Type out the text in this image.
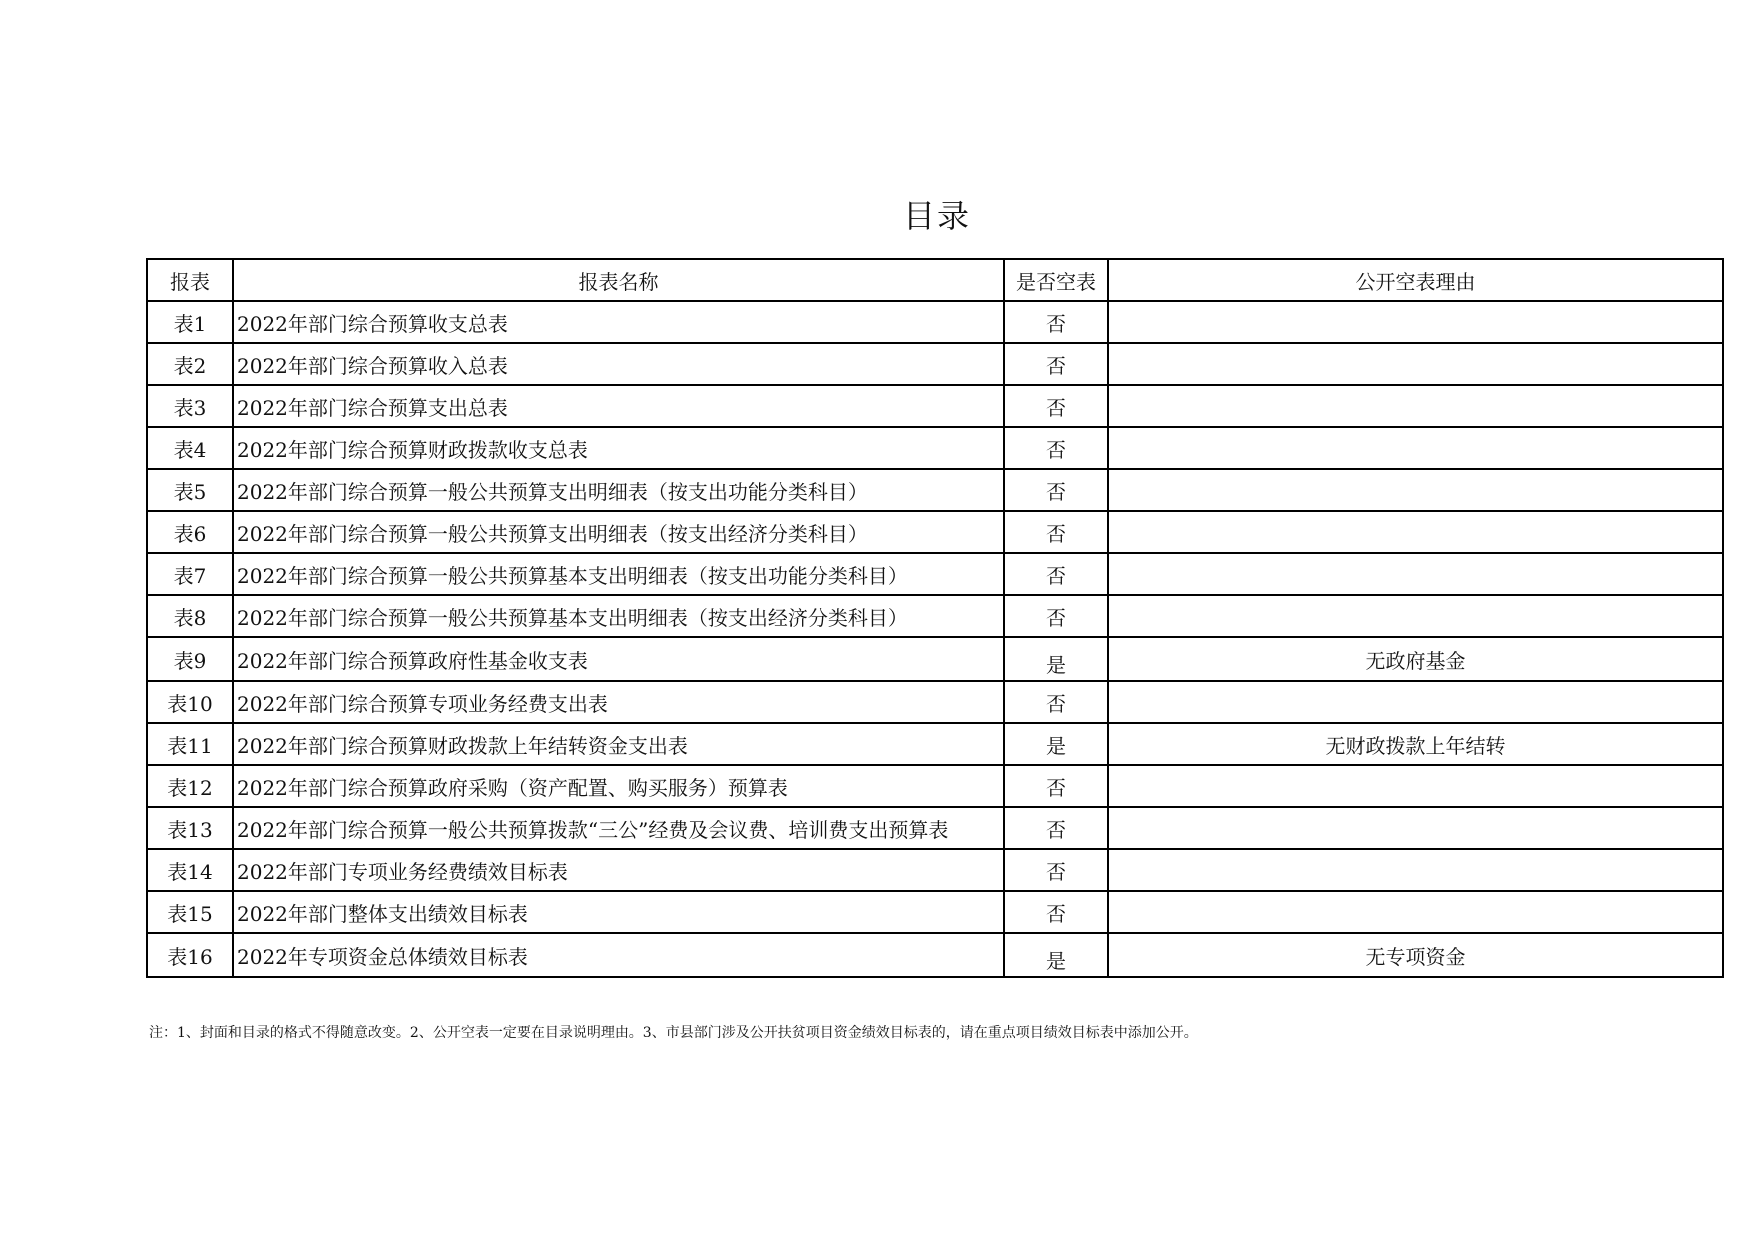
目录
报表	报表名称	是否空表	公开空表理由
表1	2022年部门综合预算收支总表	否	
表2	2022年部门综合预算收入总表	否	
表3	2022年部门综合预算支出总表	否	
表4	2022年部门综合预算财政拨款收支总表	否	
表5	2022年部门综合预算一般公共预算支出明细表（按支出功能分类科目）	否	
表6	2022年部门综合预算一般公共预算支出明细表（按支出经济分类科目）	否	
表7	2022年部门综合预算一般公共预算基本支出明细表（按支出功能分类科目）	否	
表8	2022年部门综合预算一般公共预算基本支出明细表（按支出经济分类科目）	否	
表9	2022年部门综合预算政府性基金收支表	是	无政府基金
表10	2022年部门综合预算专项业务经费支出表	否	
表11	2022年部门综合预算财政拨款上年结转资金支出表	是	无财政拨款上年结转
表12	2022年部门综合预算政府采购（资产配置、购买服务）预算表	否	
表13	2022年部门综合预算一般公共预算拨款“三公”经费及会议费、培训费支出预算表	否	
表14	2022年部门专项业务经费绩效目标表	否	
表15	2022年部门整体支出绩效目标表	否	
表16	2022年专项资金总体绩效目标表	是	无专项资金
注：1、封面和目录的格式不得随意改变。2、公开空表一定要在目录说明理由。3、市县部门涉及公开扶贫项目资金绩效目标表的，请在重点项目绩效目标表中添加公开。
